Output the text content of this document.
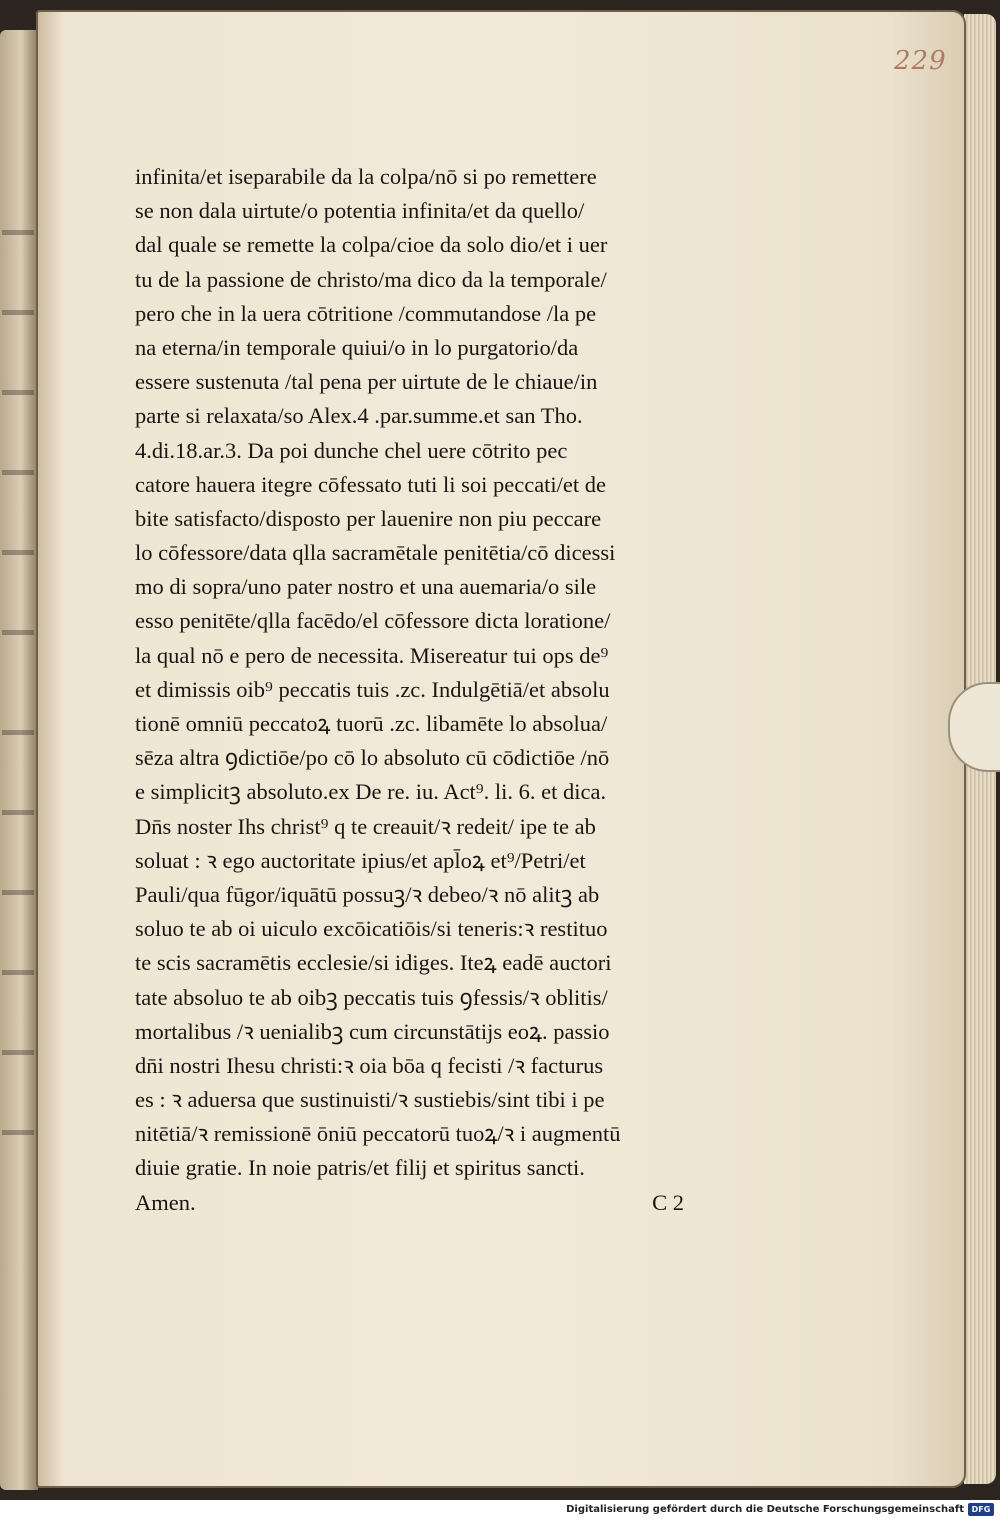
229
infinita/et iseparabile da la colpa/nō si po remettere
se non dala uirtute/o potentia infinita/et da quello/
dal quale se remette la colpa/cioe da solo dio/et i uer
tu de la passione de christo/ma dico da la temporale/
pero che in la uera cōtritione /commutandose /la pe
na eterna/in temporale quiui/o in lo purgatorio/da
essere sustenuta /tal pena per uirtute de le chiaue/in
parte si relaxata/so Alex.4 .par.summe.et san Tho.
4.di.18.ar.3. Da poi dunche chel uere cōtrito pec
catore hauera itegre cōfessato tuti li soi peccati/et de
bite satisfacto/disposto per lauenire non piu peccare
lo cōfessore/data qlla sacramētale penitētia/cō dicessi
mo di sopra/uno pater nostro et una auemaria/o sile
esso penitēte/qlla facēdo/el cōfessore dicta loratione/
la qual nō e pero de necessita. Misereatur tui ops de⁹
et dimissis oib⁹ peccatis tuis .zc. Indulgētiā/et absolu
tionē omniū peccatoꝝ tuorū .zc. libamēte lo absolua/
sēza altra ꝯdictiōe/po cō lo absoluto cū cōdictiōe /nō
e simplicitꝫ absoluto.ex De re. iu. Act⁹. li. 6. et dica.
Dn̄s noster Ihs christ⁹ q te creauit/ꝛ redeit/ ipe te ab
soluat : ꝛ ego auctoritate ipius/et apl̄oꝝ et⁹/Petri/et
Pauli/qua fūgor/iquātū possuꝫ/ꝛ debeo/ꝛ nō alitꝫ ab
soluo te ab oi uiculo excōicatiōis/si teneris:ꝛ restituo
te scis sacramētis ecclesie/si idiges. Iteꝝ eadē auctori
tate absoluo te ab oibꝫ peccatis tuis ꝯfessis/ꝛ oblitis/
mortalibus /ꝛ uenialibꝫ cum circunstātijs eoꝝ. passio
dn̄i nostri Ihesu christi:ꝛ oia bōa q fecisti /ꝛ facturus
es : ꝛ aduersa que sustinuisti/ꝛ sustiebis/sint tibi i pe
nitētiā/ꝛ remissionē ōniū peccatorū tuoꝝ/ꝛ i augmentū
diuie gratie. In noie patris/et filij et spiritus sancti.
Amen.	C 2
Digitalisierung gefördert durch die Deutsche Forschungsgemeinschaft DFG
